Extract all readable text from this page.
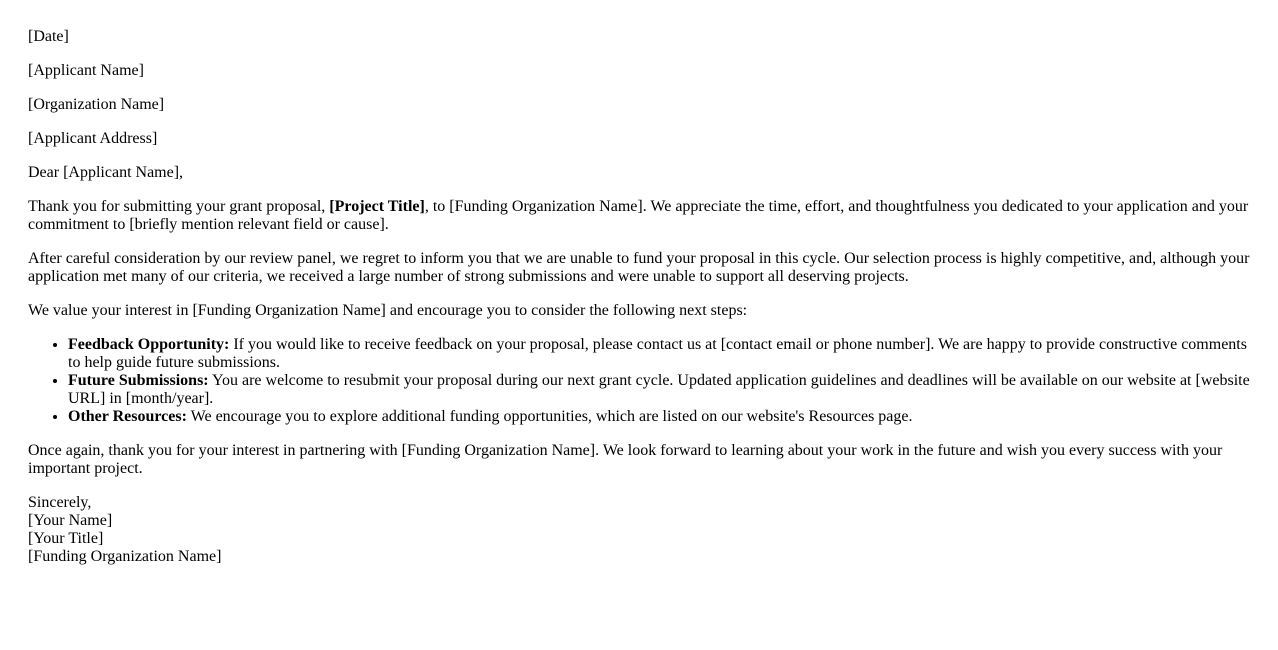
[Date]

[Applicant Name]

[Organization Name]

[Applicant Address]

Dear [Applicant Name],

Thank you for submitting your grant proposal, [Project Title], to [Funding Organization Name]. We appreciate the time, effort, and thoughtfulness you dedicated to your application and your commitment to [briefly mention relevant field or cause].

After careful consideration by our review panel, we regret to inform you that we are unable to fund your proposal in this cycle. Our selection process is highly competitive, and, although your application met many of our criteria, we received a large number of strong submissions and were unable to support all deserving projects.

We value your interest in [Funding Organization Name] and encourage you to consider the following next steps:

• Feedback Opportunity: If you would like to receive feedback on your proposal, please contact us at [contact email or phone number]. We are happy to provide constructive comments to help guide future submissions.
• Future Submissions: You are welcome to resubmit your proposal during our next grant cycle. Updated application guidelines and deadlines will be available on our website at [website URL] in [month/year].
• Other Resources: We encourage you to explore additional funding opportunities, which are listed on our website's Resources page.

Once again, thank you for your interest in partnering with [Funding Organization Name]. We look forward to learning about your work in the future and wish you every success with your important project.

Sincerely,

[Your Name]

[Your Title]

[Funding Organization Name]
